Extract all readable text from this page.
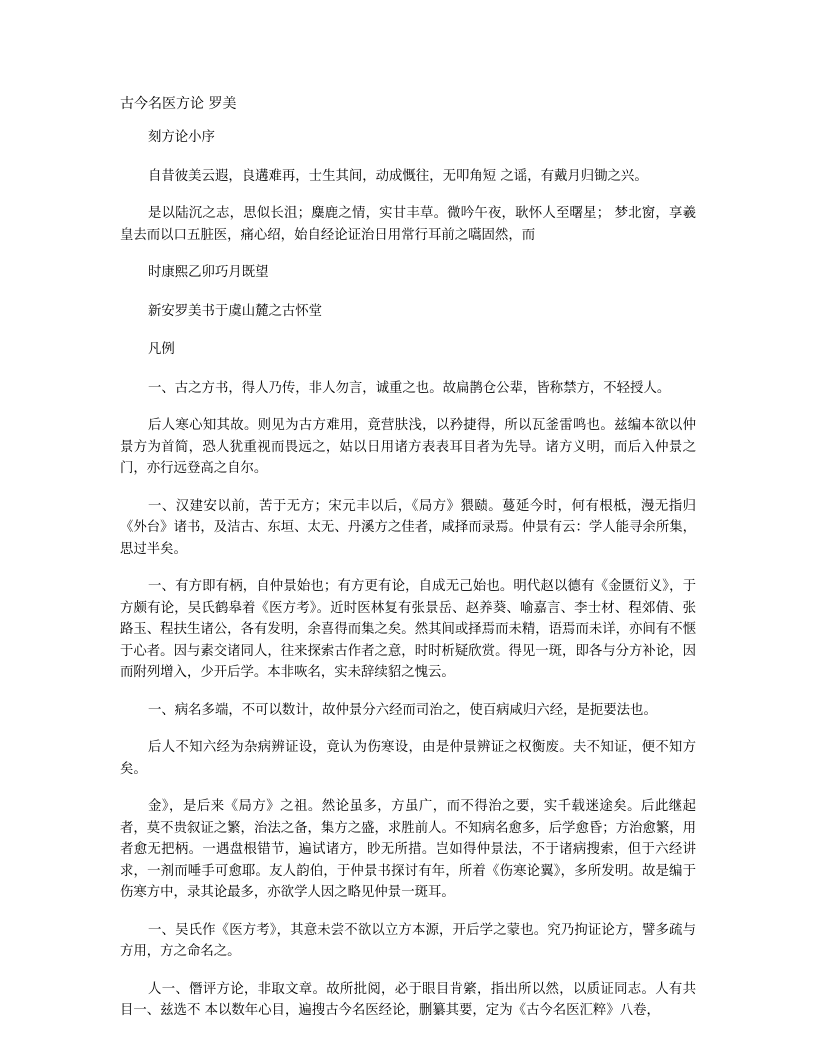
古今名医方论 罗美

刻方论小序

自昔彼美云遐，良遘难再，士生其间，动成慨往，无叩角短 之谣，有戴月归锄之兴。

是以陆沉之志，思似长沮；麋鹿之情，实甘丰草。微吟午夜，耿怀人至曙星； 梦北窗，享羲皇去而以口五脏医，痛心绍，始自经论证治日用常行耳前之嚆固然，而

时康熙乙卯巧月既望

新安罗美书于虞山麓之古怀堂

凡例

一、古之方书，得人乃传，非人勿言，诚重之也。故扁鹊仓公辈，皆称禁方，不轻授人。

后人寒心知其故。则见为古方难用，竟营肤浅，以矜捷得，所以瓦釜雷鸣也。兹编本欲以仲景方为首简，恐人犹重视而畏远之，姑以日用诸方表表耳目者为先导。诸方义明，而后入仲景之门，亦行远登高之自尔。

一、汉建安以前，苦于无方；宋元丰以后，《局方》猥赜。蔓延今时，何有根柢，漫无指归《外台》诸书，及洁古、东垣、太无、丹溪方之佳者，咸择而录焉。仲景有云：学人能寻余所集，思过半矣。

一、有方即有柄，自仲景始也；有方更有论，自成无己始也。明代赵以德有《金匮衍义》，于方颇有论，吴氏鹤皋着《医方考》。近时医林复有张景岳、赵养葵、喻嘉言、李士材、程郊倩、张路玉、程扶生诸公，各有发明，余喜得而集之矣。然其间或择焉而未精，语焉而未详，亦间有不惬于心者。因与素交诸同人，往来探索古作者之意，时时析疑欣赏。得见一斑，即各与分方补论，因而附列增入，少开后学。本非咴名，实未辞续貂之愧云。

一、病名多端，不可以数计，故仲景分六经而司治之，使百病咸归六经，是扼要法也。

后人不知六经为杂病辨证设，竟认为伤寒设，由是仲景辨证之权衡废。夫不知证，便不知方矣。

金》，是后来《局方》之祖。然论虽多，方虽广，而不得治之要，实千载迷途矣。后此继起者，莫不贵叙证之繁，治法之备，集方之盛，求胜前人。不知病名愈多，后学愈昏；方治愈繁，用者愈无把柄。一遇盘根错节，遍试诸方，眇无所措。岂如得仲景法，不于诸病搜索，但于六经讲求，一剂而唾手可愈耶。友人韵伯，于仲景书探讨有年，所着《伤寒论翼》，多所发明。故是编于伤寒方中，录其论最多，亦欲学人因之略见仲景一斑耳。

一、吴氏作《医方考》，其意未尝不欲以立方本源，开后学之蒙也。究乃拘证论方，譬多疏与方用，方之命名之。

人一、僭评方论，非取文章。故所批阅，必于眼目肯綮，指出所以然，以质证同志。人有共目一、兹选不 本以数年心目，遍搜古今名医经论，删纂其要，定为《古今名医汇粹》八卷，
